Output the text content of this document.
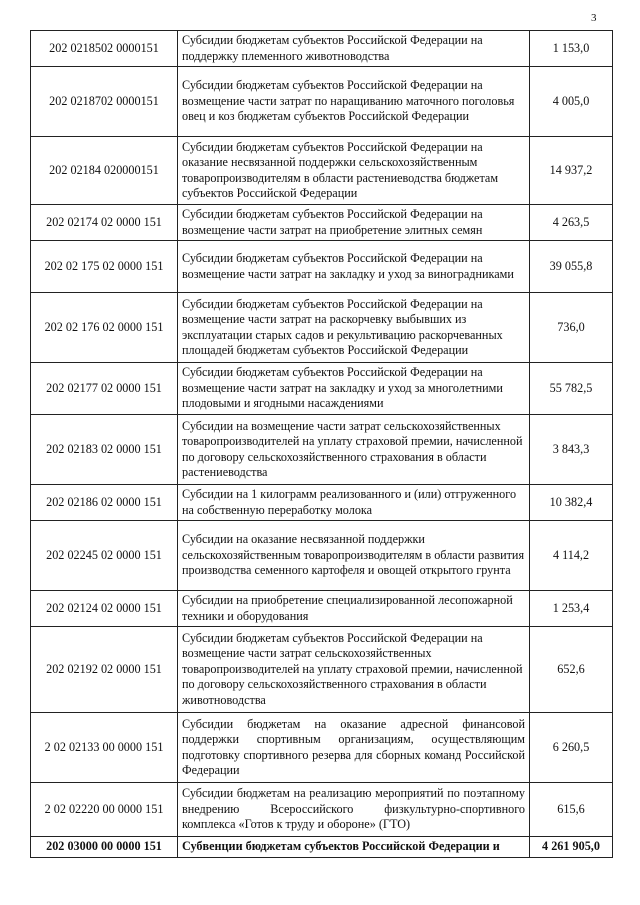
3
202 0218502 0000151	Субсидии бюджетам субъектов Российской Федерации на поддержку племенного животноводства	1 153,0
202 0218702 0000151	Субсидии бюджетам субъектов Российской Федерации на возмещение части затрат по наращиванию маточного поголовья овец и коз бюджетам субъектов Российской Федерации	4 005,0
202 02184 020000151	Субсидии бюджетам субъектов Российской Федерации на оказание несвязанной поддержки сельскохозяйственным товаропроизводителям в области растениеводства бюджетам субъектов Российской Федерации	14 937,2
202 02174 02 0000 151	Субсидии бюджетам субъектов Российской Федерации на возмещение части затрат на приобретение элитных семян	4 263,5
202 02 175 02 0000 151	Субсидии бюджетам субъектов Российской Федерации на возмещение части затрат на закладку и уход за виноградниками	39 055,8
202 02 176 02 0000 151	Субсидии бюджетам субъектов Российской Федерации на возмещение части затрат на раскорчевку выбывших из эксплуатации старых садов и рекультивацию раскорчеванных площадей бюджетам субъектов Российской Федерации	736,0
202 02177 02 0000 151	Субсидии бюджетам субъектов Российской Федерации на возмещение части затрат на закладку и уход за многолетними плодовыми и ягодными насаждениями	55 782,5
202 02183 02 0000 151	Субсидии на возмещение части затрат сельскохозяйственных товаропроизводителей на уплату страховой премии, начисленной по договору сельскохозяйственного страхования в области растениеводства	3 843,3
202 02186 02 0000 151	Субсидии на 1 килограмм реализованного и (или) отгруженного на собственную переработку молока	10 382,4
202 02245 02 0000 151	Субсидии на оказание несвязанной поддержки сельскохозяйственным товаропроизводителям в области развития производства семенного картофеля и овощей открытого грунта	4 114,2
202 02124 02 0000 151	Субсидии на приобретение специализированной лесопожарной техники и оборудования	1 253,4
202 02192 02 0000 151	Субсидии бюджетам субъектов Российской Федерации на возмещение части затрат сельскохозяйственных товаропроизводителей на уплату страховой премии, начисленной по договору сельскохозяйственного страхования в области животноводства	652,6
2 02 02133 00 0000 151	Субсидии бюджетам на оказание адресной финансовой поддержки спортивным организациям, осуществляющим подготовку спортивного резерва для сборных команд Российской Федерации	6 260,5
2 02 02220 00 0000 151	Субсидии бюджетам на реализацию мероприятий по поэтапному внедрению Всероссийского физкультурно-спортивного комплекса «Готов к труду и обороне» (ГТО)	615,6
202 03000 00 0000 151	Субвенции бюджетам субъектов Российской Федерации и	4 261 905,0
